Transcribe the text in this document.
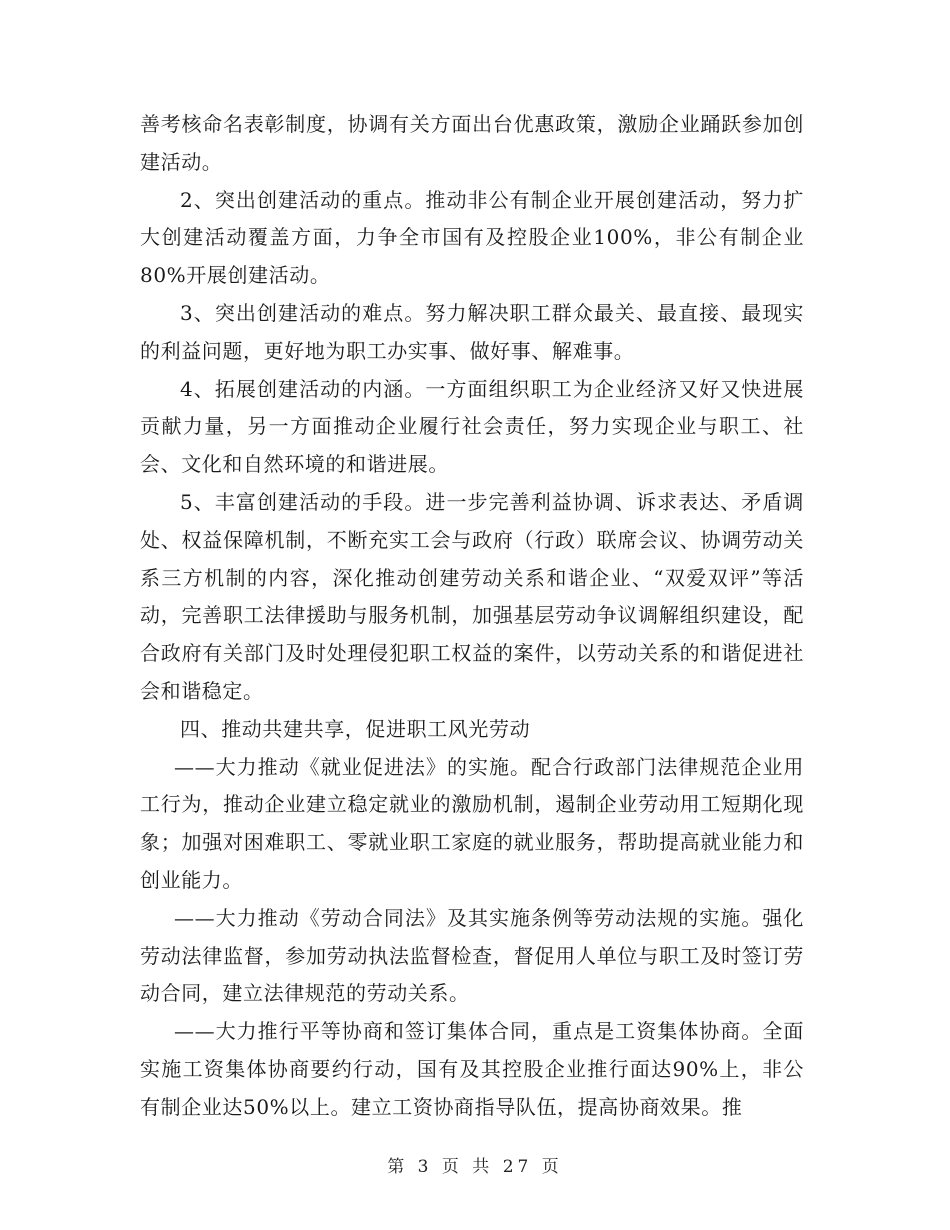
善考核命名表彰制度，协调有关方面出台优惠政策，激励企业踊跃参加创建活动。

2、突出创建活动的重点。推动非公有制企业开展创建活动，努力扩大创建活动覆盖方面，力争全市国有及控股企业100%，非公有制企业80%开展创建活动。

3、突出创建活动的难点。努力解决职工群众最关、最直接、最现实的利益问题，更好地为职工办实事、做好事、解难事。

4、拓展创建活动的内涵。一方面组织职工为企业经济又好又快进展贡献力量，另一方面推动企业履行社会责任，努力实现企业与职工、社会、文化和自然环境的和谐进展。

5、丰富创建活动的手段。进一步完善利益协调、诉求表达、矛盾调处、权益保障机制，不断充实工会与政府（行政）联席会议、协调劳动关系三方机制的内容，深化推动创建劳动关系和谐企业、“双爱双评”等活动，完善职工法律援助与服务机制，加强基层劳动争议调解组织建设，配合政府有关部门及时处理侵犯职工权益的案件，以劳动关系的和谐促进社会和谐稳定。

四、推动共建共享，促进职工风光劳动

——大力推动《就业促进法》的实施。配合行政部门法律规范企业用工行为，推动企业建立稳定就业的激励机制，遏制企业劳动用工短期化现象；加强对困难职工、零就业职工家庭的就业服务，帮助提高就业能力和创业能力。

——大力推动《劳动合同法》及其实施条例等劳动法规的实施。强化劳动法律监督，参加劳动执法监督检查，督促用人单位与职工及时签订劳动合同，建立法律规范的劳动关系。

——大力推行平等协商和签订集体合同，重点是工资集体协商。全面实施工资集体协商要约行动，国有及其控股企业推行面达90%上，非公有制企业达50%以上。建立工资协商指导队伍，提高协商效果。推

第 3 页 共 27 页
